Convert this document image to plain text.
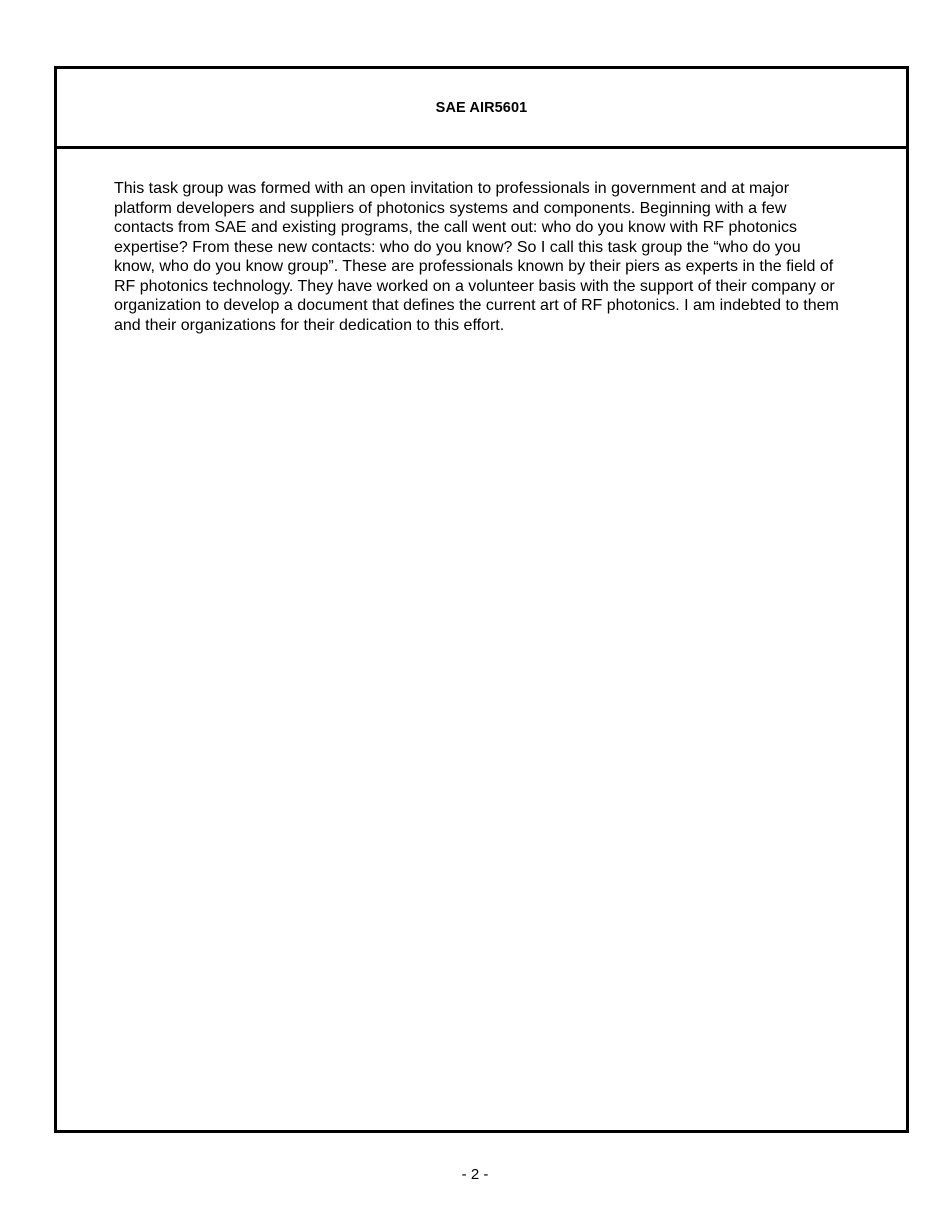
SAE AIR5601

This task group was formed with an open invitation to professionals in government and at major platform developers and suppliers of photonics systems and components. Beginning with a few contacts from SAE and existing programs, the call went out: who do you know with RF photonics expertise? From these new contacts: who do you know? So I call this task group the “who do you know, who do you know group”. These are professionals known by their piers as experts in the field of RF photonics technology. They have worked on a volunteer basis with the support of their company or organization to develop a document that defines the current art of RF photonics. I am indebted to them and their organizations for their dedication to this effort.

- 2 -
